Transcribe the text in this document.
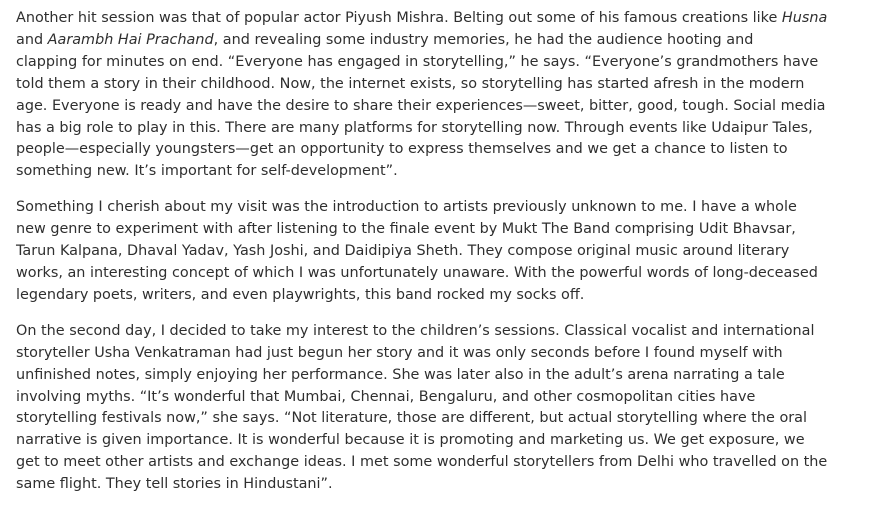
Another hit session was that of popular actor Piyush Mishra. Belting out some of his famous creations like Husna
and Aarambh Hai Prachand, and revealing some industry memories, he had the audience hooting and
clapping for minutes on end. “Everyone has engaged in storytelling,” he says. “Everyone’s grandmothers have
told them a story in their childhood. Now, the internet exists, so storytelling has started afresh in the modern
age. Everyone is ready and have the desire to share their experiences—sweet, bitter, good, tough. Social media
has a big role to play in this. There are many platforms for storytelling now. Through events like Udaipur Tales,
people—especially youngsters—get an opportunity to express themselves and we get a chance to listen to
something new. It’s important for self-development”.

Something I cherish about my visit was the introduction to artists previously unknown to me. I have a whole
new genre to experiment with after listening to the finale event by Mukt The Band comprising Udit Bhavsar,
Tarun Kalpana, Dhaval Yadav, Yash Joshi, and Daidipiya Sheth. They compose original music around literary
works, an interesting concept of which I was unfortunately unaware. With the powerful words of long-deceased
legendary poets, writers, and even playwrights, this band rocked my socks off.

On the second day, I decided to take my interest to the children’s sessions. Classical vocalist and international
storyteller Usha Venkatraman had just begun her story and it was only seconds before I found myself with
unfinished notes, simply enjoying her performance. She was later also in the adult’s arena narrating a tale
involving myths. “It’s wonderful that Mumbai, Chennai, Bengaluru, and other cosmopolitan cities have
storytelling festivals now,” she says. “Not literature, those are different, but actual storytelling where the oral
narrative is given importance. It is wonderful because it is promoting and marketing us. We get exposure, we
get to meet other artists and exchange ideas. I met some wonderful storytellers from Delhi who travelled on the
same flight. They tell stories in Hindustani”.
